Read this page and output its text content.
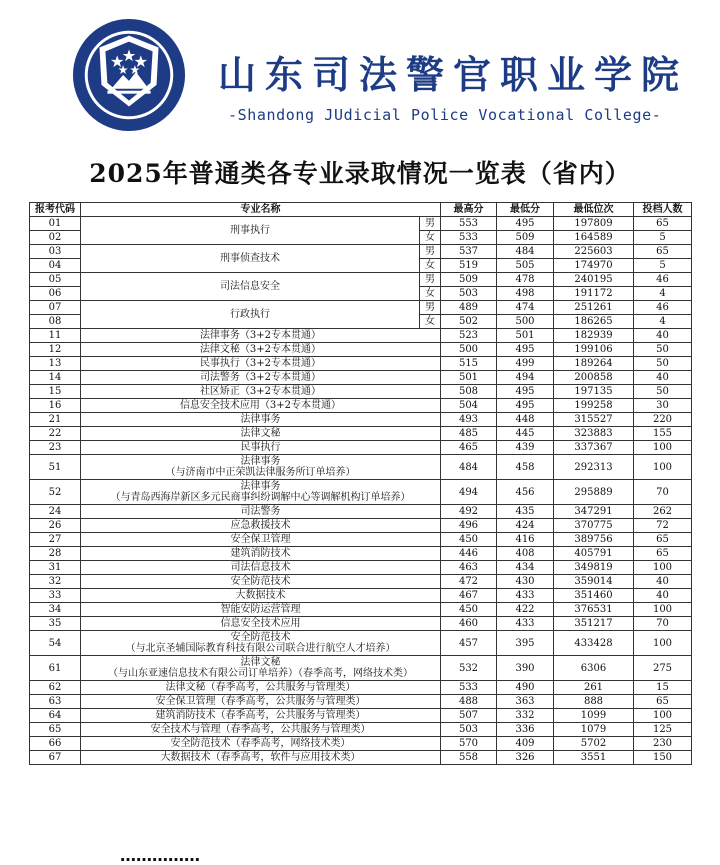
山东司法警官职业学院
-Shandong JUdicial Police Vocational College-
2025年普通类各专业录取情况一览表（省内）
报考代码	专业名称		最高分	最低分	最低位次	投档人数
01	刑事执行	男	553	495	197809	65
02		女	533	509	164589	5
03	刑事侦查技术	男	537	484	225603	65
04		女	519	505	174970	5
05	司法信息安全	男	509	478	240195	46
06		女	503	498	191172	4
07	行政执行	男	489	474	251261	46
08		女	502	500	186265	4
11	法律事务（3+2专本贯通）		523	501	182939	40
12	法律文秘（3+2专本贯通）		500	495	199106	50
13	民事执行（3+2专本贯通）		515	499	189264	50
14	司法警务（3+2专本贯通）		501	494	200858	40
15	社区矫正（3+2专本贯通）		508	495	197135	50
16	信息安全技术应用（3+2专本贯通）		504	495	199258	30
21	法律事务		493	448	315527	220
22	法律文秘		485	445	323883	155
23	民事执行		465	439	337367	100
51	法律事务
（与济南市中正荣凯法律服务所订单培养）		484	458	292313	100
52	法律事务
（与青岛西海岸新区多元民商事纠纷调解中心等调解机构订单培养）		494	456	295889	70
24	司法警务		492	435	347291	262
26	应急救援技术		496	424	370775	72
27	安全保卫管理		450	416	389756	65
28	建筑消防技术		446	408	405791	65
31	司法信息技术		463	434	349819	100
32	安全防范技术		472	430	359014	40
33	大数据技术		467	433	351460	40
34	智能安防运营管理		450	422	376531	100
35	信息安全技术应用		460	433	351217	70
54	安全防范技术
（与北京圣辅国际教育科技有限公司联合进行航空人才培养）		457	395	433428	100
61	法律文秘
（与山东亚速信息技术有限公司订单培养）（春季高考，网络技术类）		532	390	6306	275
62	法律文秘（春季高考，公共服务与管理类）		533	490	261	15
63	安全保卫管理（春季高考，公共服务与管理类）		488	363	888	65
64	建筑消防技术（春季高考，公共服务与管理类）		507	332	1099	100
65	安全技术与管理（春季高考，公共服务与管理类）		503	336	1079	125
66	安全防范技术（春季高考，网络技术类）		570	409	5702	230
67	大数据技术（春季高考，软件与应用技术类）		558	326	3551	150
……………
